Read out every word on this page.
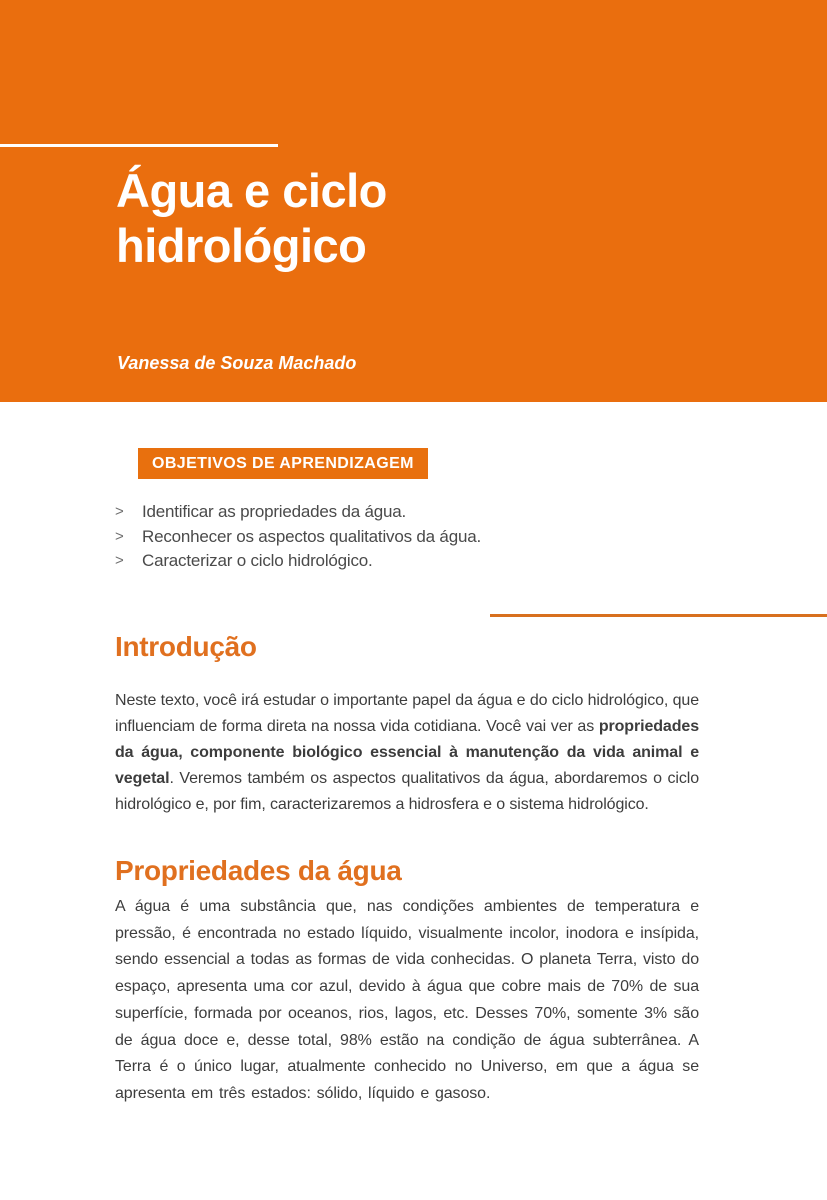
Água e ciclo hidrológico
Vanessa de Souza Machado
OBJETIVOS DE APRENDIZAGEM
>	Identificar as propriedades da água.
>	Reconhecer os aspectos qualitativos da água.
>	Caracterizar o ciclo hidrológico.
Introdução

Neste texto, você irá estudar o importante papel da água e do ciclo hidrológico, que influenciam de forma direta na nossa vida cotidiana. Você vai ver as propriedades da água, componente biológico essencial à manutenção da vida animal e vegetal. Veremos também os aspectos qualitativos da água, abordaremos o ciclo hidrológico e, por fim, caracterizaremos a hidrosfera e o sistema hidrológico.

Propriedades da água

A água é uma substância que, nas condições ambientes de temperatura e pressão, é encontrada no estado líquido, visualmente incolor, inodora e insípida, sendo essencial a todas as formas de vida conhecidas. O planeta Terra, visto do espaço, apresenta uma cor azul, devido à água que cobre mais de 70% de sua superfície, formada por oceanos, rios, lagos, etc. Desses 70%, somente 3% são de água doce e, desse total, 98% estão na condição de água subterrânea. A Terra é o único lugar, atualmente conhecido no Universo, em que a água se apresenta em três estados: sólido, líquido e gasoso.
